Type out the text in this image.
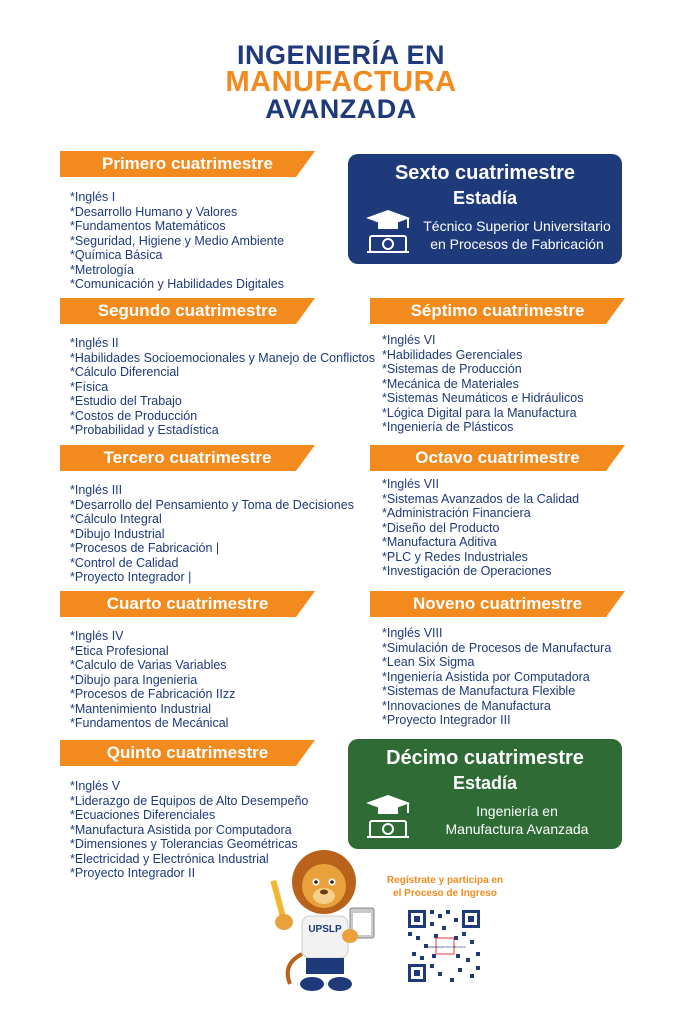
INGENIERÍA EN
MANUFACTURA
AVANZADA
Primero cuatrimestre
*Inglés I
*Desarrollo Humano y Valores
*Fundamentos Matemáticos
*Seguridad, Higiene y Medio Ambiente
*Química Básica
*Metrología
*Comunicación y Habilidades Digitales
Segundo cuatrimestre
*Inglés II
*Habilidades Socioemocionales y Manejo de Conflictos
*Cálculo Diferencial
*Física
*Estudio del Trabajo
*Costos de Producción
*Probabilidad y Estadística
Tercero cuatrimestre
*Inglés III
*Desarrollo del Pensamiento y Toma de Decisiones
*Cálculo Integral
*Dibujo Industrial
*Procesos de Fabricación |
*Control de Calidad
*Proyecto Integrador |
Cuarto cuatrimestre
*Inglés IV
*Etica Profesional
*Calculo de Varias Variables
*Dibujo para Ingenieria
*Procesos de Fabricación IIzz
*Mantenimiento Industrial
*Fundamentos de Mecánical
Quinto cuatrimestre
*Inglés V
*Liderazgo de Equipos de Alto Desempeño
*Ecuaciones Diferenciales
*Manufactura Asistida por Computadora
*Dimensiones y Tolerancias Geométricas
*Electricidad y Electrónica Industrial
*Proyecto Integrador II
Sexto cuatrimestre
Estadía
Técnico Superior Universitario
en Procesos de Fabricación
Séptimo cuatrimestre
*Inglés VI
*Habilidades Gerenciales
*Sistemas de Producción
*Mecánica de Materiales
*Sistemas Neumáticos e Hidráulicos
*Lógica Digital para la Manufactura
*Ingeniería de Plásticos
Octavo cuatrimestre
*Inglés VII
*Sistemas Avanzados de la Calidad
*Administración Financiera
*Diseño del Producto
*Manufactura Aditiva
*PLC y Redes Industriales
*Investigación de Operaciones
Noveno cuatrimestre
*Inglés VIII
*Simulación de Procesos de Manufactura
*Lean Six Sigma
*Ingeniería Asistida por Computadora
*Sistemas de Manufactura Flexible
*Innovaciones de Manufactura
*Proyecto Integrador III
Décimo cuatrimestre
Estadía
Ingeniería en
Manufactura Avanzada
UPSLP
Regístrate y participa en
el Proceso de Ingreso
UNIVERSIDAD POLITÉCNICA
